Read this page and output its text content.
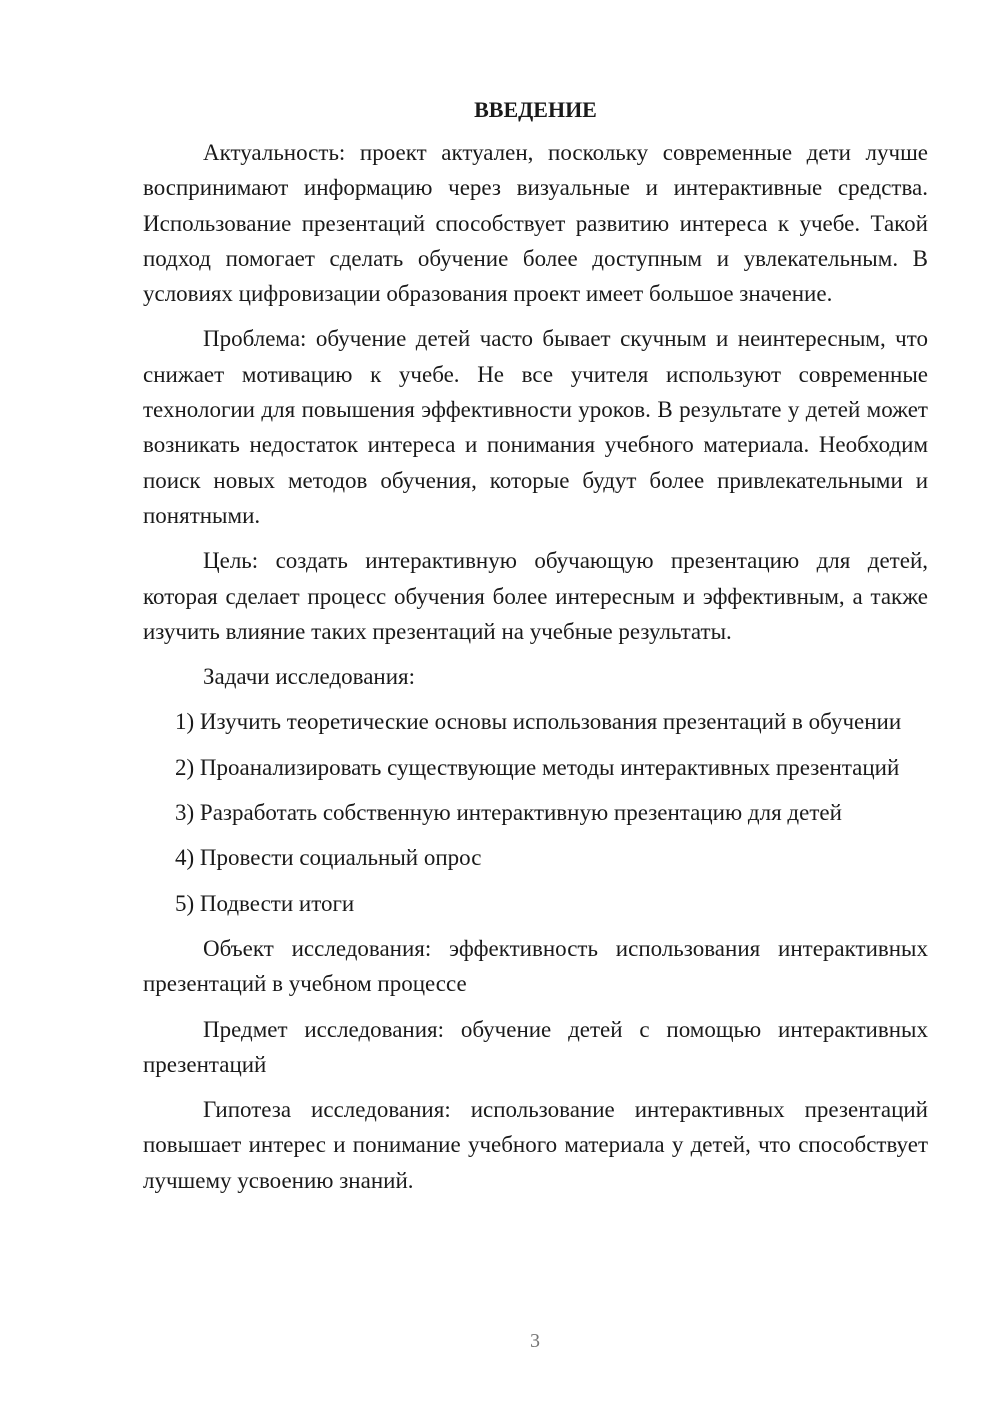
ВВЕДЕНИЕ

Актуальность: проект актуален, поскольку современные дети лучше воспринимают информацию через визуальные и интерактивные средства. Использование презентаций способствует развитию интереса к учебе. Такой подход помогает сделать обучение более доступным и увлекательным. В условиях цифровизации образования проект имеет большое значение.

Проблема: обучение детей часто бывает скучным и неинтересным, что снижает мотивацию к учебе. Не все учителя используют современные технологии для повышения эффективности уроков. В результате у детей может возникать недостаток интереса и понимания учебного материала. Необходим поиск новых методов обучения, которые будут более привлекательными и понятными.

Цель: создать интерактивную обучающую презентацию для детей, которая сделает процесс обучения более интересным и эффективным, а также изучить влияние таких презентаций на учебные результаты.

Задачи исследования:

1) Изучить теоретические основы использования презентаций в обучении

2) Проанализировать существующие методы интерактивных презентаций

3) Разработать собственную интерактивную презентацию для детей

4) Провести социальный опрос

5) Подвести итоги

Объект исследования: эффективность использования интерактивных презентаций в учебном процессе

Предмет исследования: обучение детей с помощью интерактивных презентаций

Гипотеза исследования: использование интерактивных презентаций повышает интерес и понимание учебного материала у детей, что способствует лучшему усвоению знаний.

3
